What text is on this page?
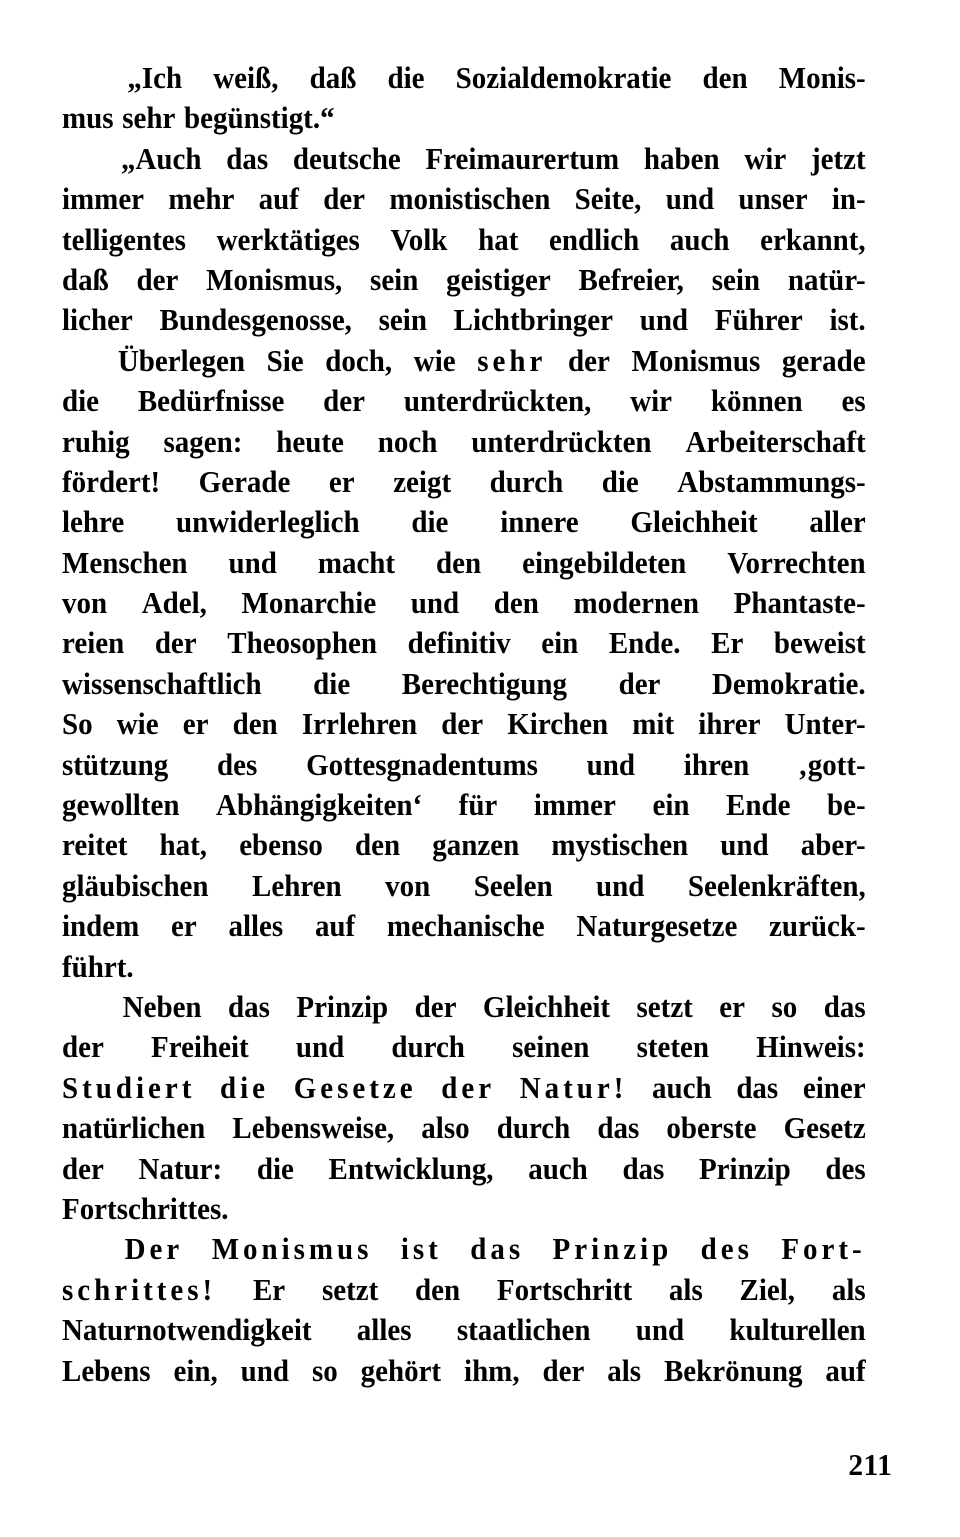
„Ich weiß, daß die Sozialdemokratie den Monis-
mus sehr begünstigt.“
„Auch das deutsche Freimaurertum haben wir jetzt
immer mehr auf der monistischen Seite, und unser in-
telligentes werktätiges Volk hat endlich auch erkannt,
daß der Monismus, sein geistiger Befreier, sein natür-
licher Bundesgenosse, sein Lichtbringer und Führer ist.
Überlegen Sie doch, wie sehr der Monismus gerade
die Bedürfnisse der unterdrückten, wir können es
ruhig sagen: heute noch unterdrückten Arbeiterschaft
fördert! Gerade er zeigt durch die Abstammungs-
lehre unwiderleglich die innere Gleichheit aller
Menschen und macht den eingebildeten Vorrechten
von Adel, Monarchie und den modernen Phantaste-
reien der Theosophen definitiv ein Ende. Er beweist
wissenschaftlich die Berechtigung der Demokratie.
So wie er den Irrlehren der Kirchen mit ihrer Unter-
stützung des Gottesgnadentums und ihren ‚gott-
gewollten Abhängigkeiten‘ für immer ein Ende be-
reitet hat, ebenso den ganzen mystischen und aber-
gläubischen Lehren von Seelen und Seelenkräften,
indem er alles auf mechanische Naturgesetze zurück-
führt.
Neben das Prinzip der Gleichheit setzt er so das
der Freiheit und durch seinen steten Hinweis:
Studiert die Gesetze der Natur! auch das einer
natürlichen Lebensweise, also durch das oberste Gesetz
der Natur: die Entwicklung, auch das Prinzip des
Fortschrittes.
Der Monismus ist das Prinzip des Fort-
schrittes! Er setzt den Fortschritt als Ziel, als
Naturnotwendigkeit alles staatlichen und kulturellen
Lebens ein, und so gehört ihm, der als Bekrönung auf
211
